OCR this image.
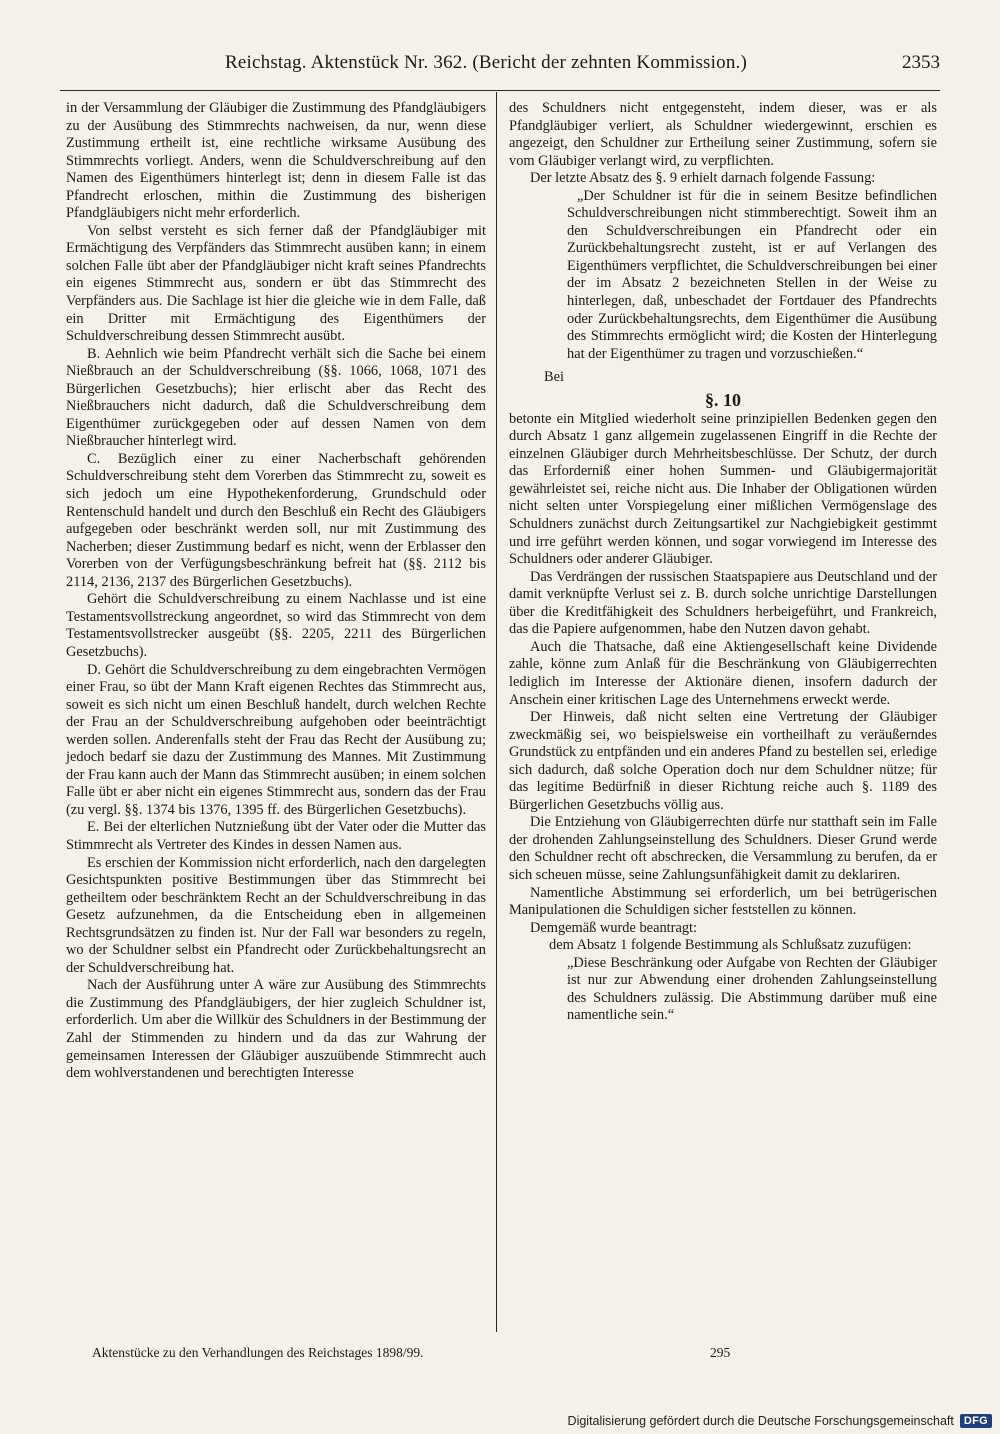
Reichstag. Aktenstück Nr. 362. (Bericht der zehnten Kommission.)	2353

in der Versammlung der Gläubiger die Zustimmung des Pfandgläubigers zu der Ausübung des Stimmrechts nachweisen, da nur, wenn diese Zustimmung ertheilt ist, eine rechtliche wirksame Ausübung des Stimmrechts vorliegt. Anders, wenn die Schuldverschreibung auf den Namen des Eigenthümers hinterlegt ist; denn in diesem Falle ist das Pfandrecht erloschen, mithin die Zustimmung des bisherigen Pfandgläubigers nicht mehr erforderlich.

Von selbst versteht es sich ferner daß der Pfandgläubiger mit Ermächtigung des Verpfänders das Stimmrecht ausüben kann; in einem solchen Falle übt aber der Pfandgläubiger nicht kraft seines Pfandrechts ein eigenes Stimmrecht aus, sondern er übt das Stimmrecht des Verpfänders aus. Die Sachlage ist hier die gleiche wie in dem Falle, daß ein Dritter mit Ermächtigung des Eigenthümers der Schuldverschreibung dessen Stimmrecht ausübt.

B. Aehnlich wie beim Pfandrecht verhält sich die Sache bei einem Nießbrauch an der Schuldverschreibung (§§. 1066, 1068, 1071 des Bürgerlichen Gesetzbuchs); hier erlischt aber das Recht des Nießbrauchers nicht dadurch, daß die Schuldverschreibung dem Eigenthümer zurückgegeben oder auf dessen Namen von dem Nießbraucher hinterlegt wird.

C. Bezüglich einer zu einer Nacherbschaft gehörenden Schuldverschreibung steht dem Vorerben das Stimmrecht zu, soweit es sich jedoch um eine Hypothekenforderung, Grundschuld oder Rentenschuld handelt und durch den Beschluß ein Recht des Gläubigers aufgegeben oder beschränkt werden soll, nur mit Zustimmung des Nacherben; dieser Zustimmung bedarf es nicht, wenn der Erblasser den Vorerben von der Verfügungsbeschränkung befreit hat (§§. 2112 bis 2114, 2136, 2137 des Bürgerlichen Gesetzbuchs).

Gehört die Schuldverschreibung zu einem Nachlasse und ist eine Testamentsvollstreckung angeordnet, so wird das Stimmrecht von dem Testamentsvollstrecker ausgeübt (§§. 2205, 2211 des Bürgerlichen Gesetzbuchs).

D. Gehört die Schuldverschreibung zu dem eingebrachten Vermögen einer Frau, so übt der Mann Kraft eigenen Rechtes das Stimmrecht aus, soweit es sich nicht um einen Beschluß handelt, durch welchen Rechte der Frau an der Schuldverschreibung aufgehoben oder beeinträchtigt werden sollen. Anderenfalls steht der Frau das Recht der Ausübung zu; jedoch bedarf sie dazu der Zustimmung des Mannes. Mit Zustimmung der Frau kann auch der Mann das Stimmrecht ausüben; in einem solchen Falle übt er aber nicht ein eigenes Stimmrecht aus, sondern das der Frau (zu vergl. §§. 1374 bis 1376, 1395 ff. des Bürgerlichen Gesetzbuchs).

E. Bei der elterlichen Nutznießung übt der Vater oder die Mutter das Stimmrecht als Vertreter des Kindes in dessen Namen aus.

Es erschien der Kommission nicht erforderlich, nach den dargelegten Gesichtspunkten positive Bestimmungen über das Stimmrecht bei getheiltem oder beschränktem Recht an der Schuldverschreibung in das Gesetz aufzunehmen, da die Entscheidung eben in allgemeinen Rechtsgrundsätzen zu finden ist. Nur der Fall war besonders zu regeln, wo der Schuldner selbst ein Pfandrecht oder Zurückbehaltungsrecht an der Schuldverschreibung hat.

Nach der Ausführung unter A wäre zur Ausübung des Stimmrechts die Zustimmung des Pfandgläubigers, der hier zugleich Schuldner ist, erforderlich. Um aber die Willkür des Schuldners in der Bestimmung der Zahl der Stimmenden zu hindern und da das zur Wahrung der gemeinsamen Interessen der Gläubiger auszuübende Stimmrecht auch dem wohlverstandenen und berechtigten Interesse

des Schuldners nicht entgegensteht, indem dieser, was er als Pfandgläubiger verliert, als Schuldner wiedergewinnt, erschien es angezeigt, den Schuldner zur Ertheilung seiner Zustimmung, sofern sie vom Gläubiger verlangt wird, zu verpflichten.

Der letzte Absatz des §. 9 erhielt darnach folgende Fassung:

„Der Schuldner ist für die in seinem Besitze befindlichen Schuldverschreibungen nicht stimmberechtigt. Soweit ihm an den Schuldverschreibungen ein Pfandrecht oder ein Zurückbehaltungsrecht zusteht, ist er auf Verlangen des Eigenthümers verpflichtet, die Schuldverschreibungen bei einer der im Absatz 2 bezeichneten Stellen in der Weise zu hinterlegen, daß, unbeschadet der Fortdauer des Pfandrechts oder Zurückbehaltungsrechts, dem Eigenthümer die Ausübung des Stimmrechts ermöglicht wird; die Kosten der Hinterlegung hat der Eigenthümer zu tragen und vorzuschießen.“

Bei

§. 10

betonte ein Mitglied wiederholt seine prinzipiellen Bedenken gegen den durch Absatz 1 ganz allgemein zugelassenen Eingriff in die Rechte der einzelnen Gläubiger durch Mehrheitsbeschlüsse. Der Schutz, der durch das Erforderniß einer hohen Summen- und Gläubigermajorität gewährleistet sei, reiche nicht aus. Die Inhaber der Obligationen würden nicht selten unter Vorspiegelung einer mißlichen Vermögenslage des Schuldners zunächst durch Zeitungsartikel zur Nachgiebigkeit gestimmt und irre geführt werden können, und sogar vorwiegend im Interesse des Schuldners oder anderer Gläubiger.

Das Verdrängen der russischen Staatspapiere aus Deutschland und der damit verknüpfte Verlust sei z. B. durch solche unrichtige Darstellungen über die Kreditfähigkeit des Schuldners herbeigeführt, und Frankreich, das die Papiere aufgenommen, habe den Nutzen davon gehabt.

Auch die Thatsache, daß eine Aktiengesellschaft keine Dividende zahle, könne zum Anlaß für die Beschränkung von Gläubigerrechten lediglich im Interesse der Aktionäre dienen, insofern dadurch der Anschein einer kritischen Lage des Unternehmens erweckt werde.

Der Hinweis, daß nicht selten eine Vertretung der Gläubiger zweckmäßig sei, wo beispielsweise ein vortheilhaft zu veräußerndes Grundstück zu entpfänden und ein anderes Pfand zu bestellen sei, erledige sich dadurch, daß solche Operation doch nur dem Schuldner nütze; für das legitime Bedürfniß in dieser Richtung reiche auch §. 1189 des Bürgerlichen Gesetzbuchs völlig aus.

Die Entziehung von Gläubigerrechten dürfe nur statthaft sein im Falle der drohenden Zahlungseinstellung des Schuldners. Dieser Grund werde den Schuldner recht oft abschrecken, die Versammlung zu berufen, da er sich scheuen müsse, seine Zahlungsunfähigkeit damit zu deklariren.

Namentliche Abstimmung sei erforderlich, um bei betrügerischen Manipulationen die Schuldigen sicher feststellen zu können.

Demgemäß wurde beantragt:

dem Absatz 1 folgende Bestimmung als Schlußsatz zuzufügen:

„Diese Beschränkung oder Aufgabe von Rechten der Gläubiger ist nur zur Abwendung einer drohenden Zahlungseinstellung des Schuldners zulässig. Die Abstimmung darüber muß eine namentliche sein.“

Aktenstücke zu den Verhandlungen des Reichstages 1898/99.	295
Digitalisierung gefördert durch die Deutsche Forschungsgemeinschaft DFG
